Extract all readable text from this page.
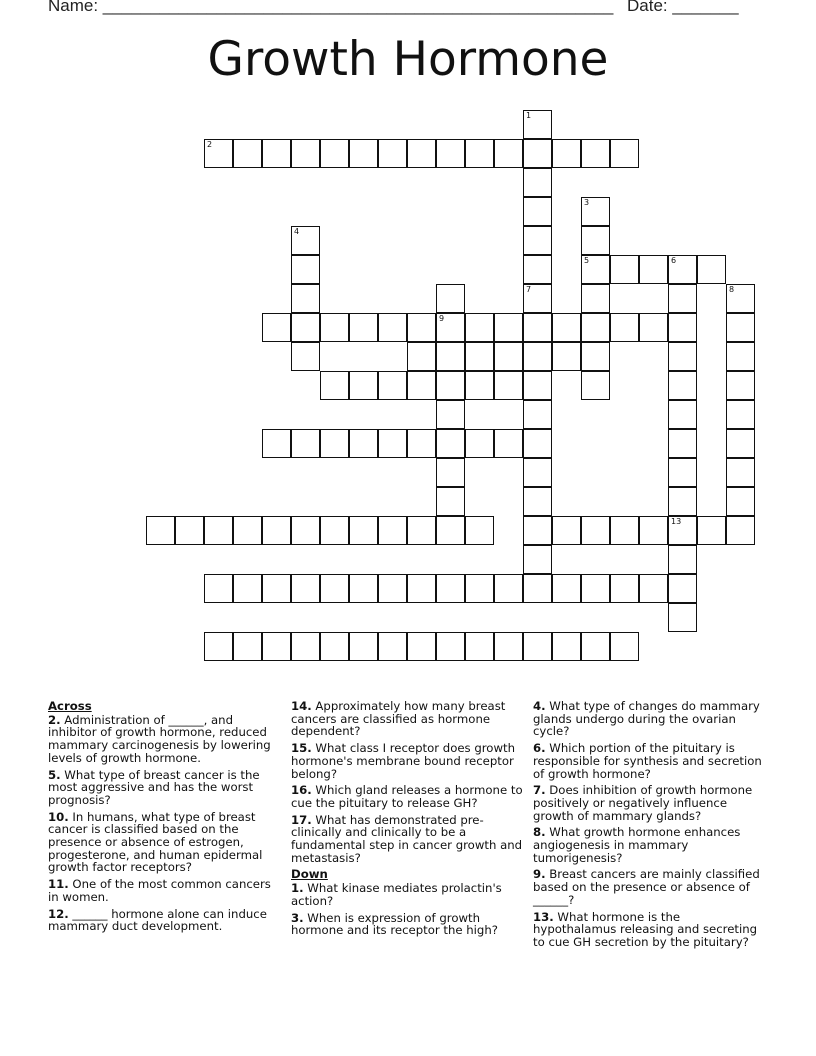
Name: ______________________________________________________ Date: _______
Growth Hormone
1
2
7
3
5	6
13
8
9
4
Across
2. Administration of ______, and inhibitor of growth hormone, reduced mammary carcinogenesis by lowering levels of growth hormone.
5. What type of breast cancer is the most aggressive and has the worst prognosis?
10. In humans, what type of breast cancer is classified based on the presence or absence of estrogen, progesterone, and human epidermal growth factor receptors?
11. One of the most common cancers in women.
12. ______ hormone alone can induce mammary duct development.
14. Approximately how many breast cancers are classified as hormone dependent?
15. What class I receptor does growth hormone's membrane bound receptor belong?
16. Which gland releases a hormone to cue the pituitary to release GH?
17. What has demonstrated pre-clinically and clinically to be a fundamental step in cancer growth and metastasis?
Down
1. What kinase mediates prolactin's action?
3. When is expression of growth hormone and its receptor the high?
4. What type of changes do mammary glands undergo during the ovarian cycle?
6. Which portion of the pituitary is responsible for synthesis and secretion of growth hormone?
7. Does inhibition of growth hormone positively or negatively influence growth of mammary glands?
8. What growth hormone enhances angiogenesis in mammary tumorigenesis?
9. Breast cancers are mainly classified based on the presence or absence of ______?
13. What hormone is the hypothalamus releasing and secreting to cue GH secretion by the pituitary?
